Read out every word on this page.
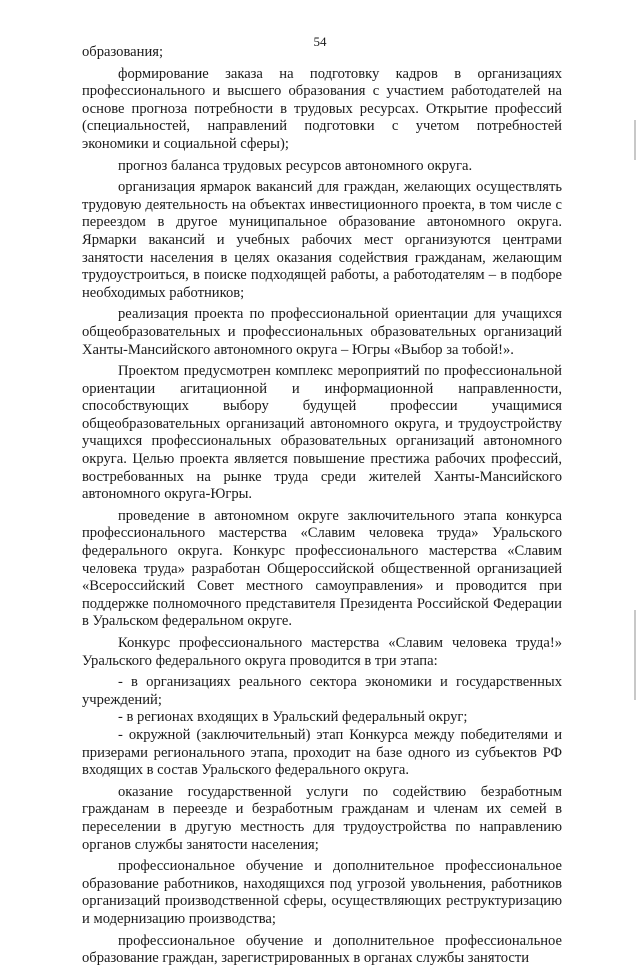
54

образования;

формирование заказа на подготовку кадров в организациях профессионального и высшего образования с участием работодателей на основе прогноза потребности в трудовых ресурсах. Открытие профессий (специальностей, направлений подготовки с учетом потребностей экономики и социальной сферы);

прогноз баланса трудовых ресурсов автономного округа.

организация ярмарок вакансий для граждан, желающих осуществлять трудовую деятельность на объектах инвестиционного проекта, в том числе с переездом в другое муниципальное образование автономного округа. Ярмарки вакансий и учебных рабочих мест организуются центрами занятости населения в целях оказания содействия гражданам, желающим трудоустроиться, в поиске подходящей работы, а работодателям – в подборе необходимых работников;

реализация проекта по профессиональной ориентации для учащихся общеобразовательных и профессиональных образовательных организаций Ханты-Мансийского автономного округа – Югры «Выбор за тобой!».

Проектом предусмотрен комплекс мероприятий по профессиональной ориентации агитационной и информационной направленности, способствующих выбору будущей профессии учащимися общеобразовательных организаций автономного округа, и трудоустройству учащихся профессиональных образовательных организаций автономного округа. Целью проекта является повышение престижа рабочих профессий, востребованных на рынке труда среди жителей Ханты-Мансийского автономного округа-Югры.

проведение в автономном округе заключительного этапа конкурса профессионального мастерства «Славим человека труда» Уральского федерального округа. Конкурс профессионального мастерства «Славим человека труда» разработан Общероссийской общественной организацией «Всероссийский Совет местного самоуправления» и проводится при поддержке полномочного представителя Президента Российской Федерации в Уральском федеральном округе.

Конкурс профессионального мастерства «Славим человека труда!» Уральского федерального округа проводится в три этапа:

- в организациях реального сектора экономики и государственных учреждений;

- в регионах входящих в Уральский федеральный округ;

- окружной (заключительный) этап Конкурса между победителями и призерами регионального этапа, проходит на базе одного из субъектов РФ входящих в состав Уральского федерального округа.

оказание государственной услуги по содействию безработным гражданам в переезде и безработным гражданам и членам их семей в переселении в другую местность для трудоустройства по направлению органов службы занятости населения;

профессиональное обучение и дополнительное профессиональное образование работников, находящихся под угрозой увольнения, работников организаций производственной сферы, осуществляющих реструктуризацию и модернизацию производства;

профессиональное обучение и дополнительное профессиональное образование граждан, зарегистрированных в органах службы занятости
